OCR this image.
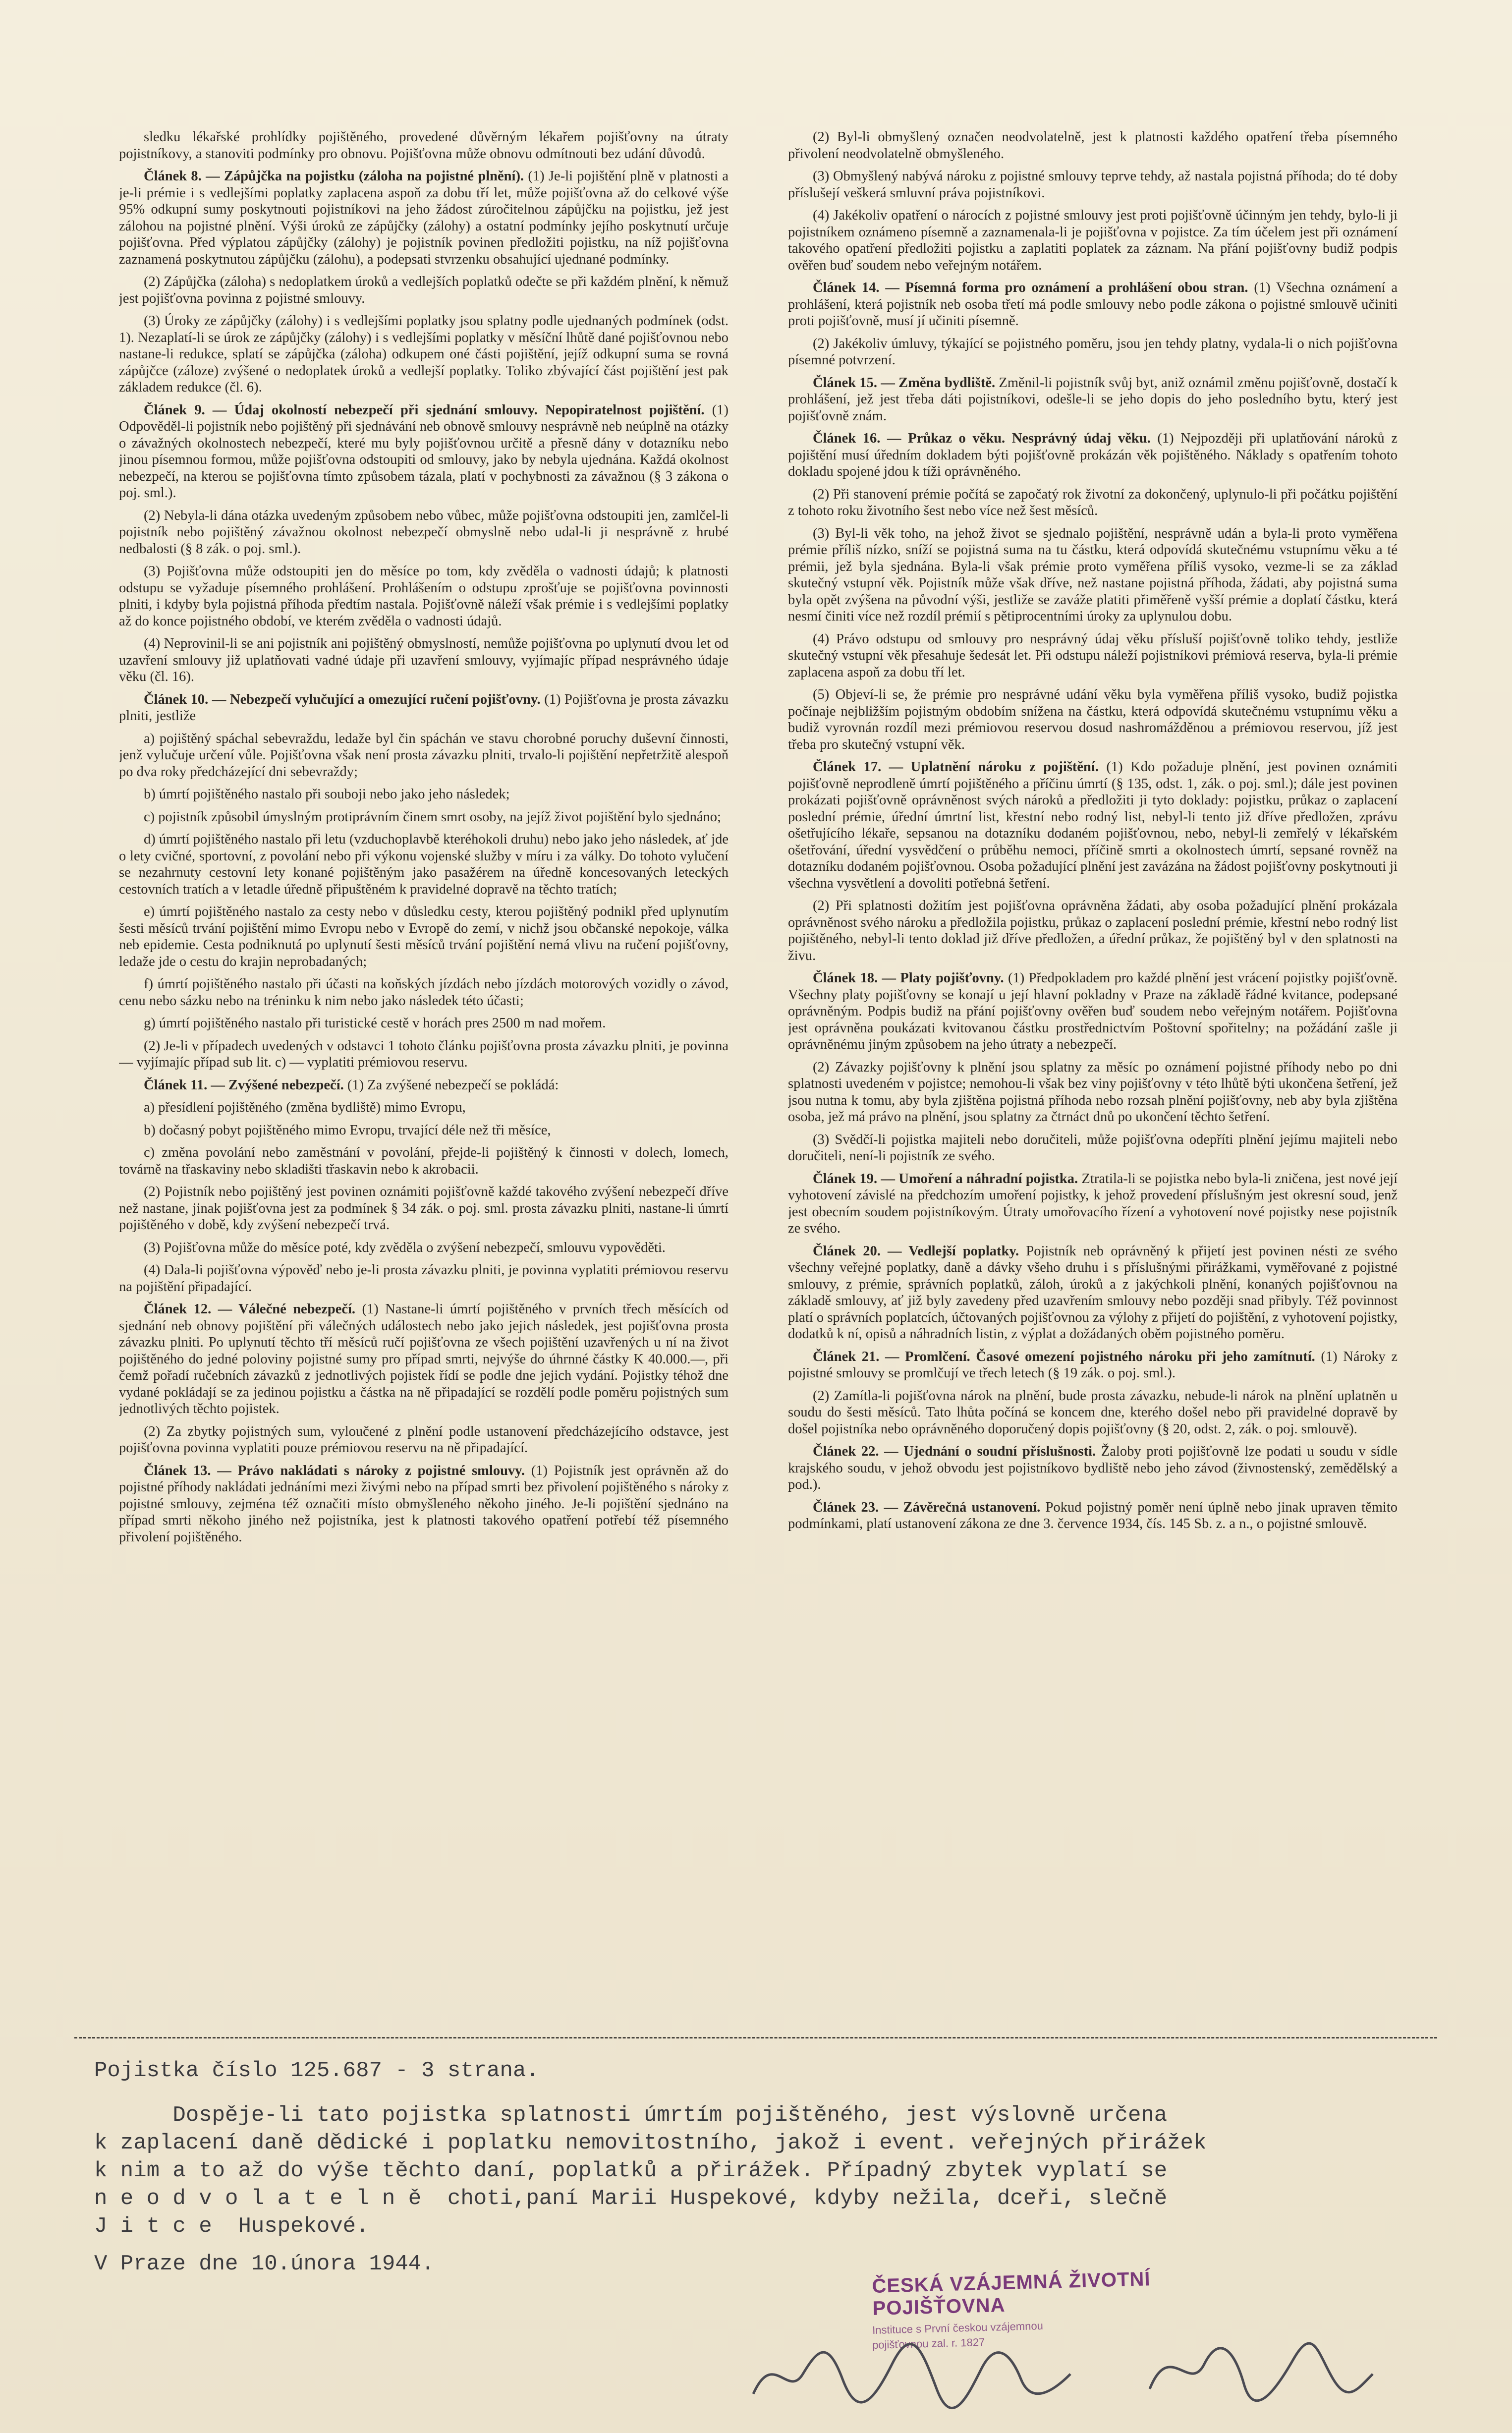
sledku lékařské prohlídky pojištěného, provedené důvěrným lékařem pojišťovny na útraty pojistníkovy, a stanoviti podmínky pro obnovu. Pojišťovna může obnovu odmítnouti bez udání důvodů.

Článek 8. — Zápůjčka na pojistku (záloha na pojistné plnění). (1) Je-li pojištění plně v platnosti a je-li prémie i s vedlejšími poplatky zaplacena aspoň za dobu tří let, může pojišťovna až do celkové výše 95% odkupní sumy poskytnouti pojistníkovi na jeho žádost zúročitelnou zápůjčku na pojistku, jež jest zálohou na pojistné plnění. Výši úroků ze zápůjčky (zálohy) a ostatní podmínky jejího poskytnutí určuje pojišťovna. Před výplatou zápůjčky (zálohy) je pojistník povinen předložiti pojistku, na níž pojišťovna zaznamená poskytnutou zápůjčku (zálohu), a podepsati stvrzenku obsahující ujednané podmínky.

(2) Zápůjčka (záloha) s nedoplatkem úroků a vedlejších poplatků odečte se při každém plnění, k němuž jest pojišťovna povinna z pojistné smlouvy.

(3) Úroky ze zápůjčky (zálohy) i s vedlejšími poplatky jsou splatny podle ujednaných podmínek (odst. 1). Nezaplatí-li se úrok ze zápůjčky (zálohy) i s vedlejšími poplatky v měsíční lhůtě dané pojišťovnou nebo nastane-li redukce, splatí se zápůjčka (záloha) odkupem oné části pojištění, jejíž odkupní suma se rovná zápůjčce (záloze) zvýšené o nedoplatek úroků a vedlejší poplatky. Toliko zbývající část pojištění jest pak základem redukce (čl. 6).

Článek 9. — Údaj okolností nebezpečí při sjednání smlouvy. Nepopiratelnost pojištění. (1) Odpověděl-li pojistník nebo pojištěný při sjednávání neb obnově smlouvy nesprávně neb neúplně na otázky o závažných okolnostech nebezpečí, které mu byly pojišťovnou určitě a přesně dány v dotazníku nebo jinou písemnou formou, může pojišťovna odstoupiti od smlouvy, jako by nebyla ujednána. Každá okolnost nebezpečí, na kterou se pojišťovna tímto způsobem tázala, platí v pochybnosti za závažnou (§ 3 zákona o poj. sml.).

(2) Nebyla-li dána otázka uvedeným způsobem nebo vůbec, může pojišťovna odstoupiti jen, zamlčel-li pojistník nebo pojištěný závažnou okolnost nebezpečí obmyslně nebo udal-li ji nesprávně z hrubé nedbalosti (§ 8 zák. o poj. sml.).

(3) Pojišťovna může odstoupiti jen do měsíce po tom, kdy zvěděla o vadnosti údajů; k platnosti odstupu se vyžaduje písemného prohlášení. Prohlášením o odstupu zprošťuje se pojišťovna povinnosti plniti, i kdyby byla pojistná příhoda předtím nastala. Pojišťovně náleží však prémie i s vedlejšími poplatky až do konce pojistného období, ve kterém zvěděla o vadnosti údajů.

(4) Neprovinil-li se ani pojistník ani pojištěný obmyslností, nemůže pojišťovna po uplynutí dvou let od uzavření smlouvy již uplatňovati vadné údaje při uzavření smlouvy, vyjímajíc případ nesprávného údaje věku (čl. 16).

Článek 10. — Nebezpečí vylučující a omezující ručení pojišťovny. (1) Pojišťovna je prosta závazku plniti, jestliže

a) pojištěný spáchal sebevraždu, ledaže byl čin spáchán ve stavu chorobné poruchy duševní činnosti, jenž vylučuje určení vůle. Pojišťovna však není prosta závazku plniti, trvalo-li pojištění nepřetržitě alespoň po dva roky předcházející dni sebevraždy;

b) úmrtí pojištěného nastalo při souboji nebo jako jeho následek;

c) pojistník způsobil úmyslným protiprávním činem smrt osoby, na jejíž život pojištění bylo sjednáno;

d) úmrtí pojištěného nastalo při letu (vzduchoplavbě kteréhokoli druhu) nebo jako jeho následek, ať jde o lety cvičné, sportovní, z povolání nebo při výkonu vojenské služby v míru i za války. Do tohoto vylučení se nezahrnuty cestovní lety konané pojištěným jako pasažérem na úředně koncesovaných leteckých cestovních tratích a v letadle úředně připuštěném k pravidelné dopravě na těchto tratích;

e) úmrtí pojištěného nastalo za cesty nebo v důsledku cesty, kterou pojištěný podnikl před uplynutím šesti měsíců trvání pojištění mimo Evropu nebo v Evropě do zemí, v nichž jsou občanské nepokoje, válka neb epidemie. Cesta podniknutá po uplynutí šesti měsíců trvání pojištění nemá vlivu na ručení pojišťovny, ledaže jde o cestu do krajin neprobadaných;

f) úmrtí pojištěného nastalo při účasti na koňských jízdách nebo jízdách motorových vozidly o závod, cenu nebo sázku nebo na tréninku k nim nebo jako následek této účasti;

g) úmrtí pojištěného nastalo při turistické cestě v horách pres 2500 m nad mořem.

(2) Je-li v případech uvedených v odstavci 1 tohoto článku pojišťovna prosta závazku plniti, je povinna — vyjímajíc případ sub lit. c) — vyplatiti prémiovou reservu.

Článek 11. — Zvýšené nebezpečí. (1) Za zvýšené nebezpečí se pokládá:

a) přesídlení pojištěného (změna bydliště) mimo Evropu,

b) dočasný pobyt pojištěného mimo Evropu, trvající déle než tři měsíce,

c) změna povolání nebo zaměstnání v povolání, přejde-li pojištěný k činnosti v dolech, lomech, továrně na třaskaviny nebo skladišti třaskavin nebo k akrobacii.

(2) Pojistník nebo pojištěný jest povinen oznámiti pojišťovně každé takového zvýšení nebezpečí dříve než nastane, jinak pojišťovna jest za podmínek § 34 zák. o poj. sml. prosta závazku plniti, nastane-li úmrtí pojištěného v době, kdy zvýšení nebezpečí trvá.

(3) Pojišťovna může do měsíce poté, kdy zvěděla o zvýšení nebezpečí, smlouvu vypověděti.

(4) Dala-li pojišťovna výpověď nebo je-li prosta závazku plniti, je povinna vyplatiti prémiovou reservu na pojištění připadající.

Článek 12. — Válečné nebezpečí. (1) Nastane-li úmrtí pojištěného v prvních třech měsících od sjednání neb obnovy pojištění při válečných událostech nebo jako jejich následek, jest pojišťovna prosta závazku plniti. Po uplynutí těchto tří měsíců ručí pojišťovna ze všech pojištění uzavřených u ní na život pojištěného do jedné poloviny pojistné sumy pro případ smrti, nejvýše do úhrnné částky K 40.000.—, při čemž pořadí ručebních závazků z jednotlivých pojistek řídí se podle dne jejich vydání. Pojistky téhož dne vydané pokládají se za jedinou pojistku a částka na ně připadající se rozdělí podle poměru pojistných sum jednotlivých těchto pojistek.

(2) Za zbytky pojistných sum, vyloučené z plnění podle ustanovení předcházejícího odstavce, jest pojišťovna povinna vyplatiti pouze prémiovou reservu na ně připadající.

Článek 13. — Právo nakládati s nároky z pojistné smlouvy. (1) Pojistník jest oprávněn až do pojistné příhody nakládati jednáními mezi živými nebo na případ smrti bez přivolení pojištěného s nároky z pojistné smlouvy, zejména též označiti místo obmyšleného někoho jiného. Je-li pojištění sjednáno na případ smrti někoho jiného než pojistníka, jest k platnosti takového opatření potřebí též písemného přivolení pojištěného.

(2) Byl-li obmyšlený označen neodvolatelně, jest k platnosti každého opatření třeba písemného přivolení neodvolatelně obmyšleného.

(3) Obmyšlený nabývá nároku z pojistné smlouvy teprve tehdy, až nastala pojistná příhoda; do té doby příslušejí veškerá smluvní práva pojistníkovi.

(4) Jakékoliv opatření o nárocích z pojistné smlouvy jest proti pojišťovně účinným jen tehdy, bylo-li ji pojistníkem oznámeno písemně a zaznamenala-li je pojišťovna v pojistce. Za tím účelem jest při oznámení takového opatření předložiti pojistku a zaplatiti poplatek za záznam. Na přání pojišťovny budiž podpis ověřen buď soudem nebo veřejným notářem.

Článek 14. — Písemná forma pro oznámení a prohlášení obou stran. (1) Všechna oznámení a prohlášení, která pojistník neb osoba třetí má podle smlouvy nebo podle zákona o pojistné smlouvě učiniti proti pojišťovně, musí jí učiniti písemně.

(2) Jakékoliv úmluvy, týkající se pojistného poměru, jsou jen tehdy platny, vydala-li o nich pojišťovna písemné potvrzení.

Článek 15. — Změna bydliště. Změnil-li pojistník svůj byt, aniž oznámil změnu pojišťovně, dostačí k prohlášení, jež jest třeba dáti pojistníkovi, odešle-li se jeho dopis do jeho posledního bytu, který jest pojišťovně znám.

Článek 16. — Průkaz o věku. Nesprávný údaj věku. (1) Nejpozději při uplatňování nároků z pojištění musí úředním dokladem býti pojišťovně prokázán věk pojištěného. Náklady s opatřením tohoto dokladu spojené jdou k tíži oprávněného.

(2) Při stanovení prémie počítá se započatý rok životní za dokončený, uplynulo-li při počátku pojištění z tohoto roku životního šest nebo více než šest měsíců.

(3) Byl-li věk toho, na jehož život se sjednalo pojištění, nesprávně udán a byla-li proto vyměřena prémie příliš nízko, sníží se pojistná suma na tu částku, která odpovídá skutečnému vstupnímu věku a té prémii, jež byla sjednána. Byla-li však prémie proto vyměřena příliš vysoko, vezme-li se za základ skutečný vstupní věk. Pojistník může však dříve, než nastane pojistná příhoda, žádati, aby pojistná suma byla opět zvýšena na původní výši, jestliže se zaváže platiti přiměřeně vyšší prémie a doplatí částku, která nesmí činiti více než rozdíl prémií s pětiprocentními úroky za uplynulou dobu.

(4) Právo odstupu od smlouvy pro nesprávný údaj věku přísluší pojišťovně toliko tehdy, jestliže skutečný vstupní věk přesahuje šedesát let. Při odstupu náleží pojistníkovi prémiová reserva, byla-li prémie zaplacena aspoň za dobu tří let.

(5) Objeví-li se, že prémie pro nesprávné udání věku byla vyměřena příliš vysoko, budiž pojistka počínaje nejbližším pojistným obdobím snížena na částku, která odpovídá skutečnému vstupnímu věku a budiž vyrovnán rozdíl mezi prémiovou reservou dosud nashromážděnou a prémiovou reservou, jíž jest třeba pro skutečný vstupní věk.

Článek 17. — Uplatnění nároku z pojištění. (1) Kdo požaduje plnění, jest povinen oznámiti pojišťovně neprodleně úmrtí pojištěného a příčinu úmrtí (§ 135, odst. 1, zák. o poj. sml.); dále jest povinen prokázati pojišťovně oprávněnost svých nároků a předložiti ji tyto doklady: pojistku, průkaz o zaplacení poslední prémie, úřední úmrtní list, křestní nebo rodný list, nebyl-li tento již dříve předložen, zprávu ošetřujícího lékaře, sepsanou na dotazníku dodaném pojišťovnou, nebo, nebyl-li zemřelý v lékařském ošetřování, úřední vysvědčení o průběhu nemoci, příčině smrti a okolnostech úmrtí, sepsané rovněž na dotazníku dodaném pojišťovnou. Osoba požadující plnění jest zavázána na žádost pojišťovny poskytnouti ji všechna vysvětlení a dovoliti potřebná šetření.

(2) Při splatnosti dožitím jest pojišťovna oprávněna žádati, aby osoba požadující plnění prokázala oprávněnost svého nároku a předložila pojistku, průkaz o zaplacení poslední prémie, křestní nebo rodný list pojištěného, nebyl-li tento doklad již dříve předložen, a úřední průkaz, že pojištěný byl v den splatnosti na živu.

Článek 18. — Platy pojišťovny. (1) Předpokladem pro každé plnění jest vrácení pojistky pojišťovně. Všechny platy pojišťovny se konají u její hlavní pokladny v Praze na základě řádné kvitance, podepsané oprávněným. Podpis budiž na přání pojišťovny ověřen buď soudem nebo veřejným notářem. Pojišťovna jest oprávněna poukázati kvitovanou částku prostřednictvím Poštovní spořitelny; na požádání zašle ji oprávněnému jiným způsobem na jeho útraty a nebezpečí.

(2) Závazky pojišťovny k plnění jsou splatny za měsíc po oznámení pojistné příhody nebo po dni splatnosti uvedeném v pojistce; nemohou-li však bez viny pojišťovny v této lhůtě býti ukončena šetření, jež jsou nutna k tomu, aby byla zjištěna pojistná příhoda nebo rozsah plnění pojišťovny, neb aby byla zjištěna osoba, jež má právo na plnění, jsou splatny za čtrnáct dnů po ukončení těchto šetření.

(3) Svědčí-li pojistka majiteli nebo doručiteli, může pojišťovna odepříti plnění jejímu majiteli nebo doručiteli, není-li pojistník ze svého.

Článek 19. — Umoření a náhradní pojistka. Ztratila-li se pojistka nebo byla-li zničena, jest nové její vyhotovení závislé na předchozím umoření pojistky, k jehož provedení příslušným jest okresní soud, jenž jest obecním soudem pojistníkovým. Útraty umořovacího řízení a vyhotovení nové pojistky nese pojistník ze svého.

Článek 20. — Vedlejší poplatky. Pojistník neb oprávněný k přijetí jest povinen nésti ze svého všechny veřejné poplatky, daně a dávky všeho druhu i s příslušnými přirážkami, vyměřované z pojistné smlouvy, z prémie, správních poplatků, záloh, úroků a z jakýchkoli plnění, konaných pojišťovnou na základě smlouvy, ať již byly zavedeny před uzavřením smlouvy nebo později snad přibyly. Též povinnost platí o správních poplatcích, účtovaných pojišťovnou za výlohy z přijetí do pojištění, z vyhotovení pojistky, dodatků k ní, opisů a náhradních listin, z výplat a dožádaných oběm pojistného poměru.

Článek 21. — Promlčení. Časové omezení pojistného nároku při jeho zamítnutí. (1) Nároky z pojistné smlouvy se promlčují ve třech letech (§ 19 zák. o poj. sml.).

(2) Zamítla-li pojišťovna nárok na plnění, bude prosta závazku, nebude-li nárok na plnění uplatněn u soudu do šesti měsíců. Tato lhůta počíná se koncem dne, kterého došel nebo při pravidelné dopravě by došel pojistníka nebo oprávněného doporučený dopis pojišťovny (§ 20, odst. 2, zák. o poj. smlouvě).

Článek 22. — Ujednání o soudní příslušnosti. Žaloby proti pojišťovně lze podati u soudu v sídle krajského soudu, v jehož obvodu jest pojistníkovo bydliště nebo jeho závod (živnostenský, zemědělský a pod.).

Článek 23. — Závěrečná ustanovení. Pokud pojistný poměr není úplně nebo jinak upraven těmito podmínkami, platí ustanovení zákona ze dne 3. července 1934, čís. 145 Sb. z. a n., o pojistné smlouvě.

Pojistka číslo 125.687 - 3 strana.

Dospěje-li tato pojistka splatnosti úmrtím pojištěného, jest výslovně určena

k zaplacení daně dědické i poplatku nemovitostního, jakož i event. veřejných přirážek

k nim a to až do výše těchto daní, poplatků a přirážek. Případný zbytek vyplatí se

n e o d v o l a t e l n ě  choti,paní Marii Huspekové, kdyby nežila, dceři, slečně

J i t c e  Huspekové.

V Praze dne 10.února 1944.
ČESKÁ VZÁJEMNÁ ŽIVOTNÍ POJIŠŤOVNA
Instituce s První českou vzájemnou
pojišťovnou zal. r. 1827
